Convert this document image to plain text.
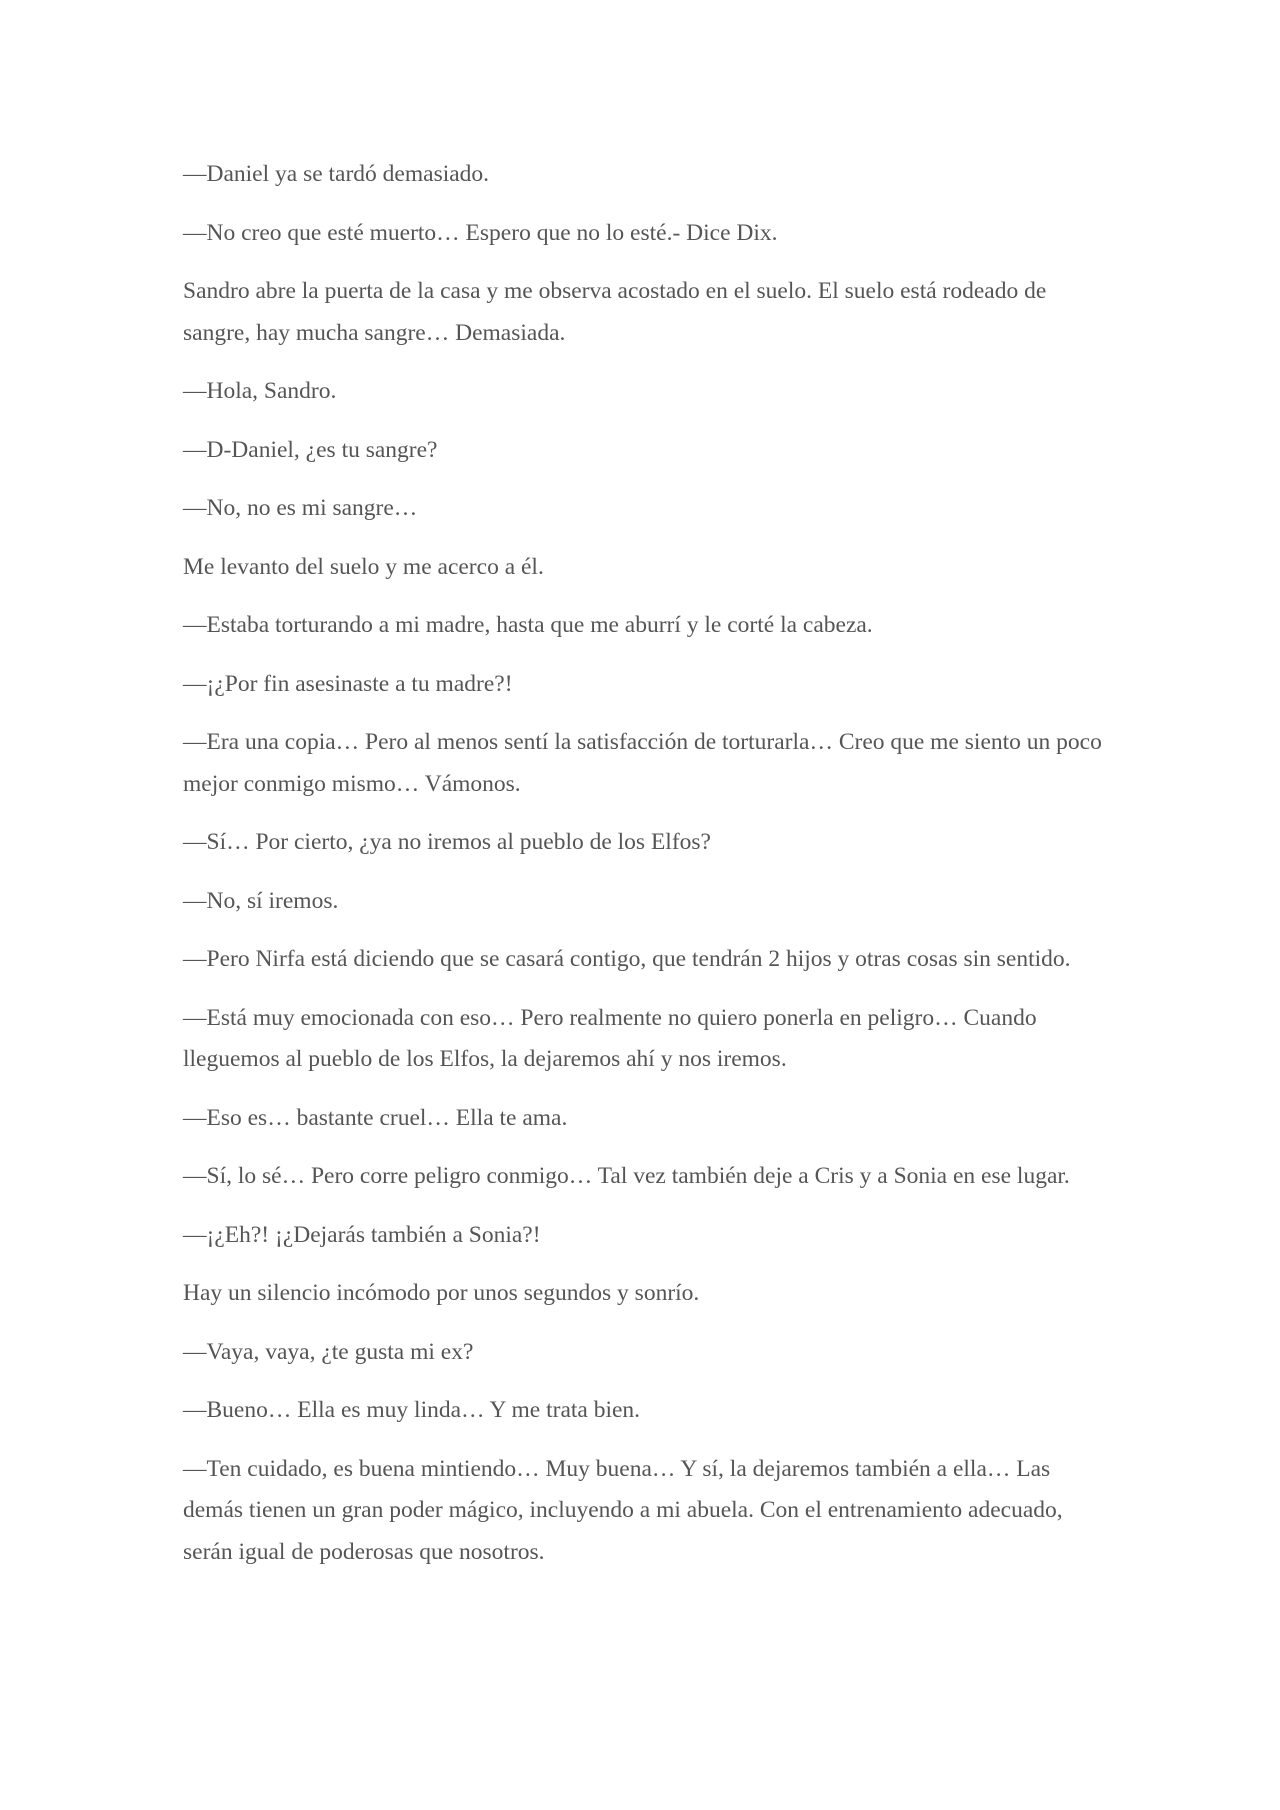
—Daniel ya se tardó demasiado.

—No creo que esté muerto… Espero que no lo esté.- Dice Dix.

Sandro abre la puerta de la casa y me observa acostado en el suelo. El suelo está rodeado de sangre, hay mucha sangre… Demasiada.

—Hola, Sandro.

—D-Daniel, ¿es tu sangre?

—No, no es mi sangre…

Me levanto del suelo y me acerco a él.

—Estaba torturando a mi madre, hasta que me aburrí y le corté la cabeza.

—¡¿Por fin asesinaste a tu madre?!

—Era una copia… Pero al menos sentí la satisfacción de torturarla… Creo que me siento un poco mejor conmigo mismo… Vámonos.

—Sí… Por cierto, ¿ya no iremos al pueblo de los Elfos?

—No, sí iremos.

—Pero Nirfa está diciendo que se casará contigo, que tendrán 2 hijos y otras cosas sin sentido.

—Está muy emocionada con eso… Pero realmente no quiero ponerla en peligro… Cuando lleguemos al pueblo de los Elfos, la dejaremos ahí y nos iremos.

—Eso es… bastante cruel… Ella te ama.

—Sí, lo sé… Pero corre peligro conmigo… Tal vez también deje a Cris y a Sonia en ese lugar.

—¡¿Eh?! ¡¿Dejarás también a Sonia?!

Hay un silencio incómodo por unos segundos y sonrío.

—Vaya, vaya, ¿te gusta mi ex?

—Bueno… Ella es muy linda… Y me trata bien.

—Ten cuidado, es buena mintiendo… Muy buena… Y sí, la dejaremos también a ella… Las demás tienen un gran poder mágico, incluyendo a mi abuela. Con el entrenamiento adecuado, serán igual de poderosas que nosotros.
